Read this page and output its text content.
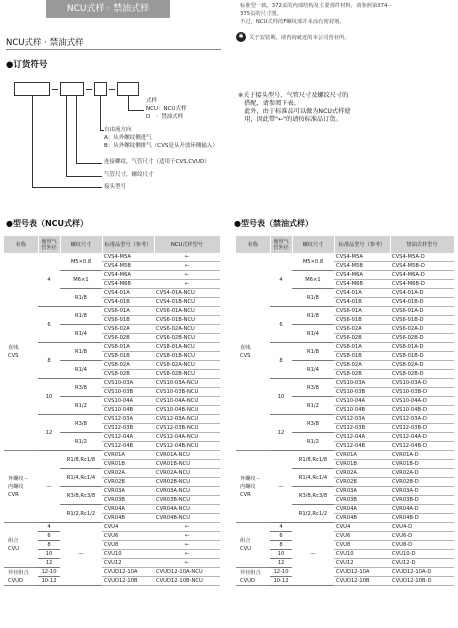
NCU式样 · 禁油式样	标准型一致。372页的内部结构及主要部件材料，请参照第374－
375页的尺寸图。
不过，NCU式样的F螺纹部并未涂有密封剂。
✱	关于安装期，请咨询就近的本公司营业所。
NCU式样 · 禁油式样
●订货符号
式样
NCU：NCU式样
D　：禁油式样
自由流方向
A：从外螺纹侧进气
B：从外螺纹侧排气（CVS是从开放环侧输入）
连接螺纹，气管尺寸（适用于CVS,CVUD）
气管尺寸，螺纹尺寸
接头型号
※关于接头型号、气管尺寸及螺纹尺寸的
　搭配，请参阅下表。
　此外，由于标准品可以做为NCU式样使
　用，因此带"←"的请按标准品订货。
●型号表（NCU式样）	●型号表（禁油式样）
名称	使用气管外径	螺纹尺寸	标准品型号（参考）	NCU式样型号

直线
CVS	4	M5×0.8	CVS4-M5A	←
			CVS4-M5B	←
		M6×1	CVS4-M6A	←
			CVS4-M6B	←
		R1/8	CVS4-01A	CVS4-01A-NCU
			CVS4-01B	CVS4-01B-NCU
	6	R1/8	CVS6-01A	CVS6-01A-NCU
			CVS6-01B	CVS6-01B-NCU
		R1/4	CVS6-02A	CVS6-02A-NCU
			CVS6-02B	CVS6-02B-NCU
	8	R1/8	CVS8-01A	CVS8-01A-NCU
			CVS8-01B	CVS8-01B-NCU
		R1/4	CVS8-02A	CVS8-02A-NCU
			CVS8-02B	CVS8-02B-NCU
	10	R3/8	CVS10-03A	CVS10-03A-NCU
			CVS10-03B	CVS10-03B-NCU
		R1/2	CVS10-04A	CVS10-04A-NCU
			CVS10-04B	CVS10-04B-NCU
	12	R3/8	CVS12-03A	CVS12-03A-NCU
			CVS12-03B	CVS12-03B-NCU
		R1/2	CVS12-04A	CVS12-04A-NCU
			CVS12-04B	CVS12-04B-NCU

外螺纹－
内螺纹
CVR	—	R1/8,Rc1/8	CVR01A	CVR01A-NCU
			CVR01B	CVR01B-NCU
		R1/4,Rc1/4	CVR02A	CVR02A-NCU
			CVR02B	CVR02B-NCU
		R3/8,Rc3/8	CVR03A	CVR03A-NCU
			CVR03B	CVR03B-NCU
		R1/2,Rc1/2	CVR04A	CVR04A-NCU
			CVR04B	CVR04B-NCU

组合
CVU	4	—	CVU4	←
	6		CVU6	←
	8		CVU8	←
	10		CVU10	←
	12		CVU12	←

异径组合
CVUD	12-10		CVUD12-10A	CVUD12-10A-NCU
	10-12		CVUD12-10B	CVUD12-10B-NCU
名称	使用气管外径	螺纹尺寸	标准品型号（参考）	禁油式样型号

直线
CVS	4	M5×0.8	CVS4-M5A	CVS4-M5A-D
			CVS4-M5B	CVS4-M5B-D
		M6×1	CVS4-M6A	CVS4-M6A-D
			CVS4-M6B	CVS4-M6B-D
		R1/8	CVS4-01A	CVS4-01A-D
			CVS4-01B	CVS4-01B-D
	6	R1/8	CVS6-01A	CVS6-01A-D
			CVS6-01B	CVS6-01B-D
		R1/4	CVS6-02A	CVS6-02A-D
			CVS6-02B	CVS6-02B-D
	8	R1/8	CVS8-01A	CVS8-01A-D
			CVS8-01B	CVS8-01B-D
		R1/4	CVS8-02A	CVS8-02A-D
			CVS8-02B	CVS8-02B-D
	10	R3/8	CVS10-03A	CVS10-03A-D
			CVS10-03B	CVS10-03B-D
		R1/2	CVS10-04A	CVS10-04A-D
			CVS10-04B	CVS10-04B-D
	12	R3/8	CVS12-03A	CVS12-03A-D
			CVS12-03B	CVS12-03B-D
		R1/2	CVS12-04A	CVS12-04A-D
			CVS12-04B	CVS12-04B-D

外螺纹－
内螺纹
CVR	—	R1/8,Rc1/8	CVR01A	CVR01A-D
			CVR01B	CVR01B-D
		R1/4,Rc1/4	CVR02A	CVR02A-D
			CVR02B	CVR02B-D
		R3/8,Rc3/8	CVR03A	CVR03A-D
			CVR03B	CVR03B-D
		R1/2,Rc1/2	CVR04A	CVR04A-D
			CVR04B	CVR04B-D

组合
CVU	4	—	CVU4	CVU4-D
	6		CVU6	CVU6-D
	8		CVU8	CVU8-D
	10		CVU10	CVU10-D
	12		CVU12	CVU12-D

异径组合
CVUD	12-10		CVUD12-10A	CVUD12-10A-D
	10-12		CVUD12-10B	CVUD12-10B-D
